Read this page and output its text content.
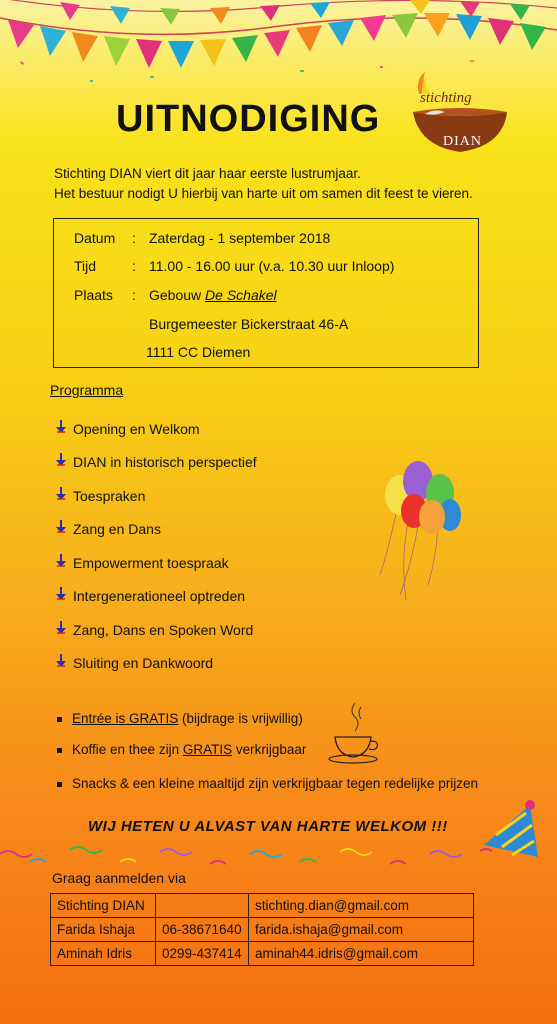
UITNODIGING	stichting
DIAN
Stichting DIAN viert dit jaar haar eerste lustrumjaar.
Het bestuur nodigt U hierbij van harte uit om samen dit feest te vieren.
Datum : Zaterdag - 1 september 2018
Tijd	: 11.00 - 16.00 uur (v.a. 10.30 uur Inloop)
Plaats : Gebouw De Schakel
Burgemeester Bickerstraat 46-A
1111 CC Diemen
Programma
Opening en Welkom
DIAN in historisch perspectief
Toespraken
Zang en Dans
Empowerment toespraak
Intergenerationeel optreden
Zang, Dans en Spoken Word
Sluiting en Dankwoord
Entrée is GRATIS (bijdrage is vrijwillig)
Koffie en thee zijn GRATIS verkrijgbaar
Snacks & een kleine maaltijd zijn verkrijgbaar tegen redelijke prijzen
WIJ HETEN U ALVAST VAN HARTE WELKOM !!!
Graag aanmelden via
Stichting DIAN		stichting.dian@gmail.com
Farida Ishaja	06-38671640	farida.ishaja@gmail.com
Aminah Idris	0299-437414	aminah44.idris@gmail.com
